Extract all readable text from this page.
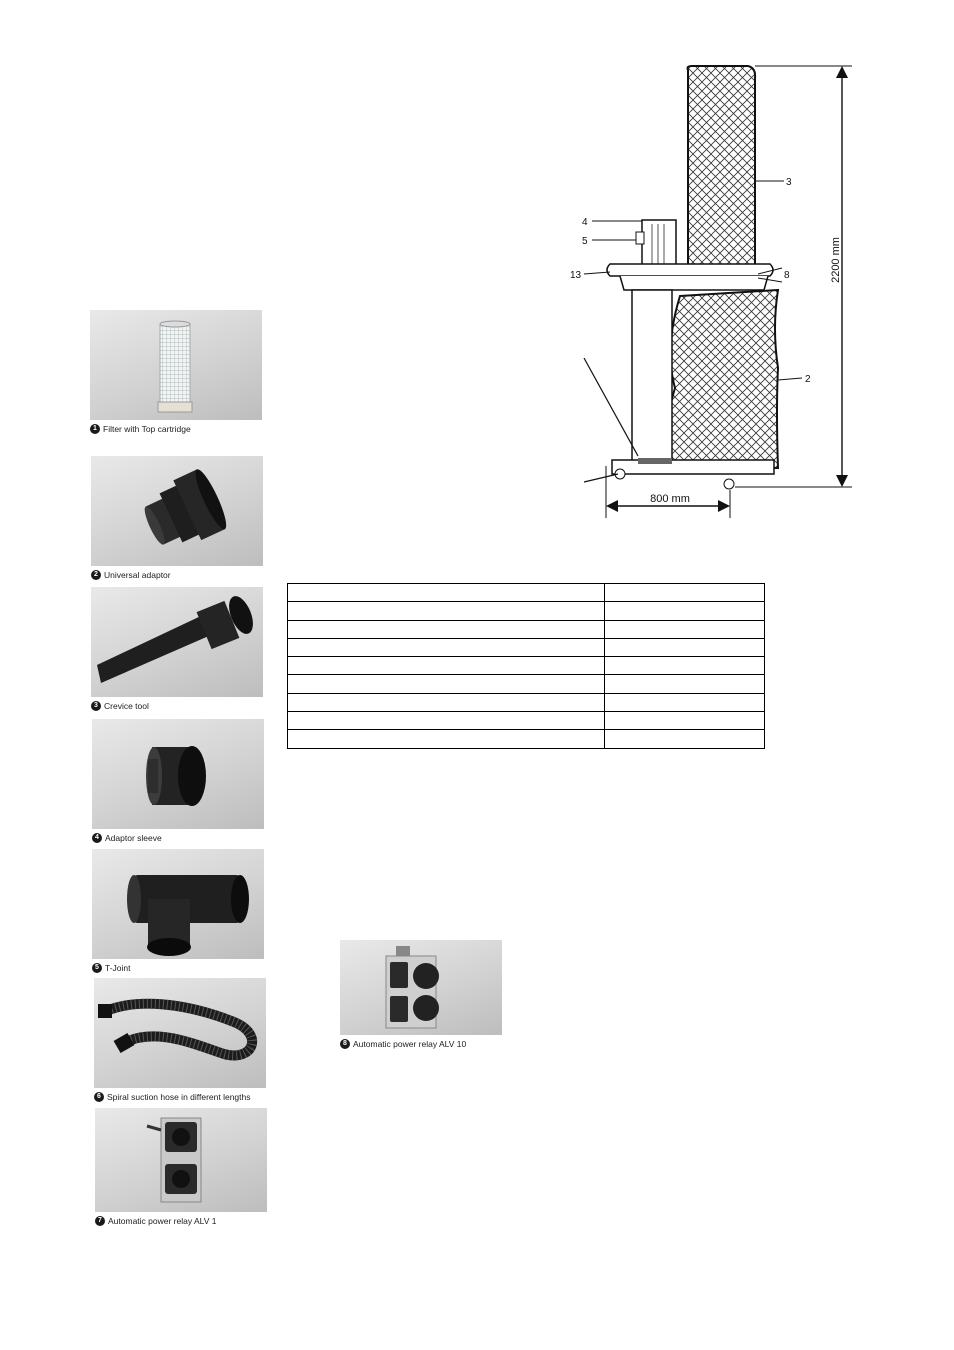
1 Filter with Top cartridge
2 Universal adaptor
3 Crevice tool
4 Adaptor sleeve
5 T-Joint
6 Spiral suction hose in different lengths
7 Automatic power relay ALV 1
8 Automatic power relay ALV 10
2200 mm
800 mm
3
4
5
13	8
2
